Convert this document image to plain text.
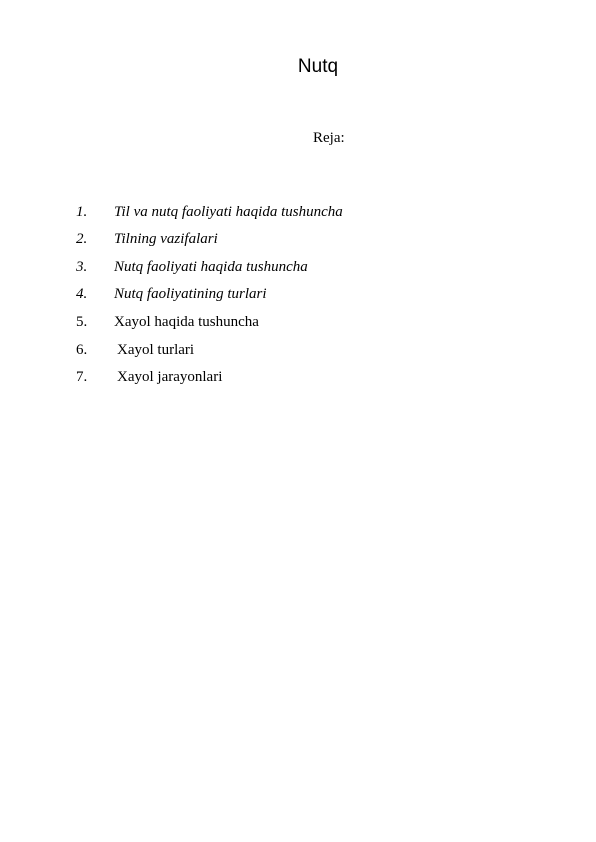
Nutq

Reja:

1. Til va nutq faoliyati haqida tushuncha
2. Tilning vazifalari
3. Nutq faoliyati haqida tushuncha
4. Nutq faoliyatining turlari
5. Xayol haqida tushuncha
6. Xayol turlari
7. Xayol jarayonlari
